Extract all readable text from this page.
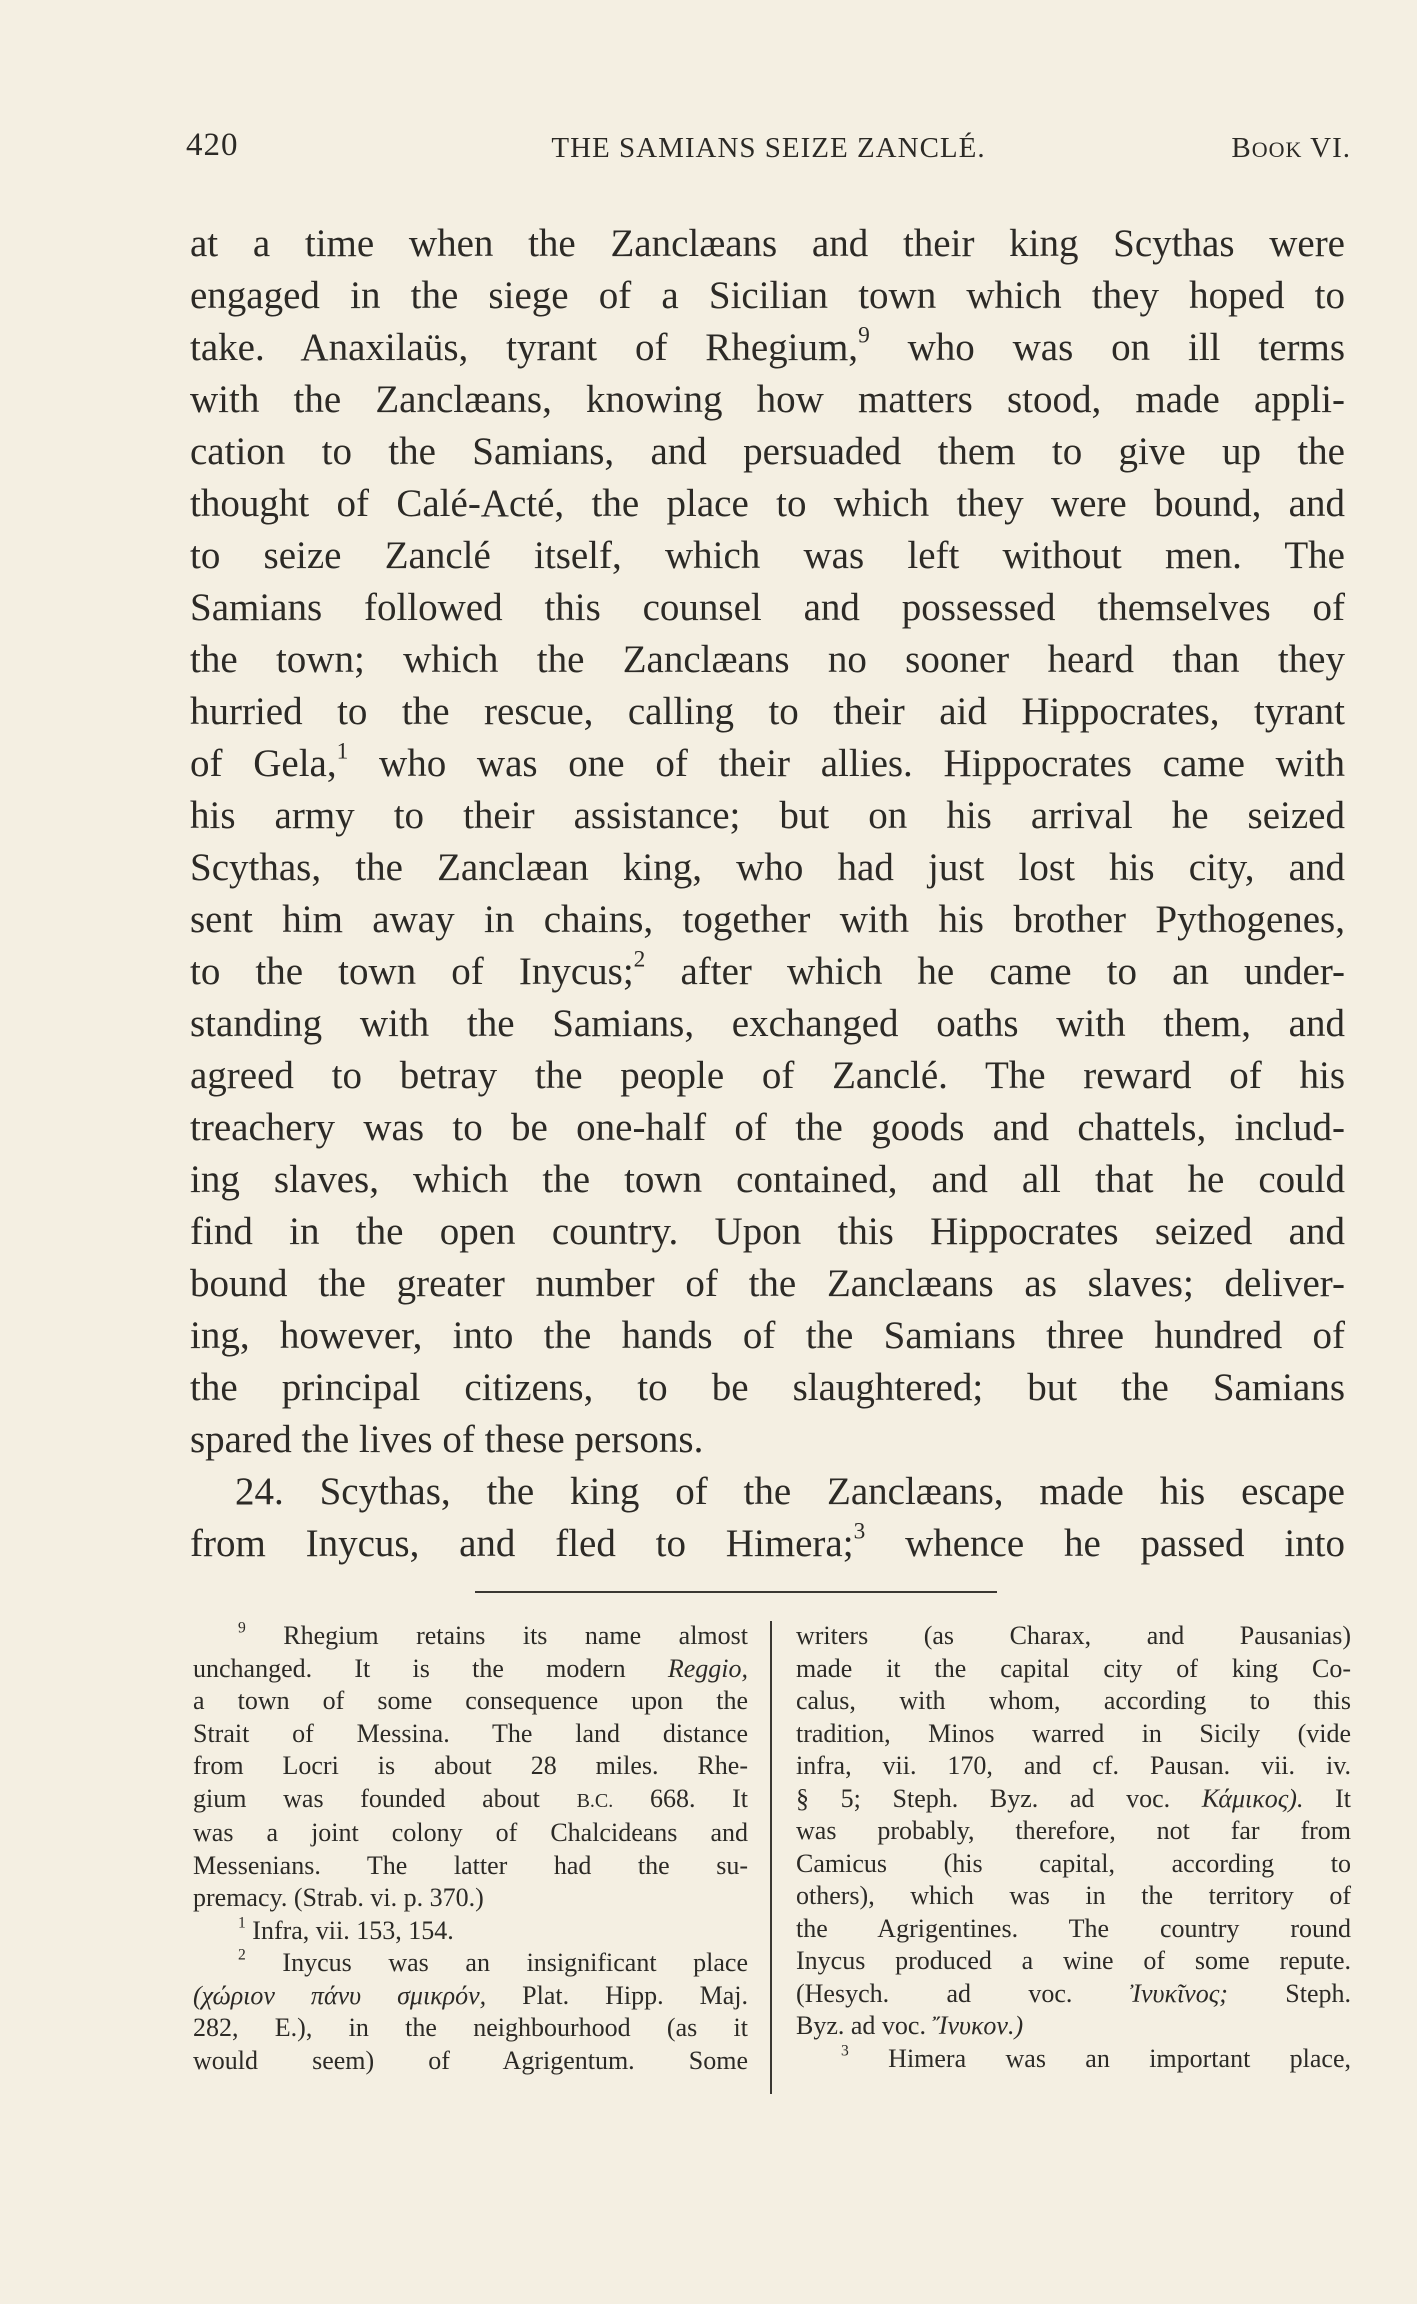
420	THE SAMIANS SEIZE ZANCLÉ.	BOOK VI.
at a time when the Zanclæans and their king Scythas were
engaged in the siege of a Sicilian town which they hoped to
take. Anaxilaüs, tyrant of Rhegium,$^9$ who was on ill terms
with the Zanclæans, knowing how matters stood, made appli-
cation to the Samians, and persuaded them to give up the
thought of Calé-Acté, the place to which they were bound, and
to seize Zanclé itself, which was left without men. The
Samians followed this counsel and possessed themselves of
the town; which the Zanclæans no sooner heard than they
hurried to the rescue, calling to their aid Hippocrates, tyrant
of Gela,$^1$ who was one of their allies. Hippocrates came with
his army to their assistance; but on his arrival he seized
Scythas, the Zanclæan king, who had just lost his city, and
sent him away in chains, together with his brother Pythogenes,
to the town of Inycus;$^2$ after which he came to an under-
standing with the Samians, exchanged oaths with them, and
agreed to betray the people of Zanclé. The reward of his
treachery was to be one-half of the goods and chattels, includ-
ing slaves, which the town contained, and all that he could
find in the open country. Upon this Hippocrates seized and
bound the greater number of the Zanclæans as slaves; deliver-
ing, however, into the hands of the Samians three hundred of
the principal citizens, to be slaughtered; but the Samians
spared the lives of these persons.
24. Scythas, the king of the Zanclæans, made his escape
from Inycus, and fled to Himera;$^3$ whence he passed into
$^9$ Rhegium retains its name almost
unchanged. It is the modern Reggio,
a town of some consequence upon the
Strait of Messina. The land distance
from Locri is about 28 miles. Rhe-
gium was founded about B.C. 668. It
was a joint colony of Chalcideans and
Messenians. The latter had the su-
premacy. (Strab. vi. p. 370.)
$^1$ Infra, vii. 153, 154.
$^2$ Inycus was an insignificant place
(χώριον πάνυ σμικρόν, Plat. Hipp. Maj.
282, E.), in the neighbourhood (as it
would seem) of Agrigentum. Some
writers (as Charax, and Pausanias)
made it the capital city of king Co-
calus, with whom, according to this
tradition, Minos warred in Sicily (vide
infra, vii. 170, and cf. Pausan. vii. iv.
§ 5; Steph. Byz. ad voc. Κάμικος). It
was probably, therefore, not far from
Camicus (his capital, according to
others), which was in the territory of
the Agrigentines. The country round
Inycus produced a wine of some repute.
(Hesych. ad voc. Ἰνυκῖνος; Steph.
Byz. ad voc. Ἴνυκον.)
$^3$ Himera was an important place,
